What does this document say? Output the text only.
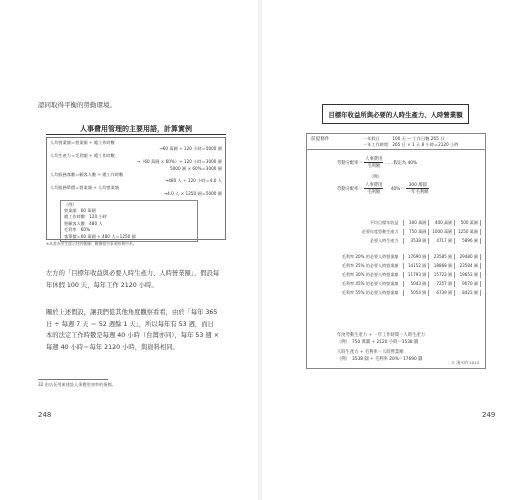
認同取得平衡的勞動環境。
人事費用管理的主要用語，計算實例
人均營業額＝營業額 ÷ 總工作時數
→60 萬圓 ÷ 120 小時＝5000 圓
人均生產力＝毛利額 ÷ 總工作時數
→（60 萬圓 × 60%）÷ 120 小時＝3000 圓
5000 圓 × 60%＝3000 圓
人均服務客數＝顧客人數 ÷ 總工作時數
→480 人 ÷ 120 小時＝4.0 人
人均服務單價＝營業額 ÷ 人均營業額
→4.0 人 × 1250 圓＝5000 圓
（例）
營業額　60 萬圓
總工作時數　120 小時
營顧客人數　480 人
毛利率　60%
客單價＝60 萬圓 ÷ 480 人＝1250 圓
※本書為學生提示性的數據：數據報告事業經典中本。
左方的「目標年收益與必要人時生產力、人時營業額」，假設每年休假 100 天，每年工作 2120 小時。
關於上述假設，讓我們從其他角度觀察看看，由於「每年 365 日 ÷ 每週 7 天 ＝ 52 週餘 1 天」，所以每年有 53 週，而日本的法定工作時數是每週 40 小時（台灣亦同），每年 53 週 × 每週 40 小時＝每年 2120 小時，與資料相同。
32 由店長用來建設人事費用效率的指標。
248
目標年收益所與必要的人時生產力、人時營業額
前提條件	一年假日　　　100 天 ― 工作日數 265 日
一年工作時間　265 日 × 1 天 8 小時＝2120 小時
勞動分配率＝ $\frac{\text{人事費用}}{\text{毛利額}}$ ……假定為 40%
（例）
勞動分配率＝ $\frac{\text{人事費用}}{\text{毛利額}} 40\%= \frac{\text{300 萬圓}}{\text{一年毛利額}}$
平均目標年收益	300 萬圓	400 萬圓	500 萬圓
必要年度勞動生產力	750 萬圓	1000 萬圓	1250 萬圓
必要人時生產力	3538 圓	4717 圓	5896 圓
毛利率 20% 的必要人時營業額	17690 圓	23585 圓	29480 圓
毛利率 25% 的必要人時營業額	14152 圓	18868 圓	23584 圓
毛利率 30% 的必要人時營業額	11793 圓	15723 圓	19653 圓
毛利率 45% 的必要人時營業額	5043 圓	7257 圓	9070 圓
毛利率 55% 的必要人時營業額	5054 圓	6739 圓	8423 圓
年度勞動生產力 ÷ 一年工作時間＝人時生產力
（例）　750 萬圓 ÷ 2120 小時＝3538 圓
人時生產力 ÷ 毛利率＝人時營業額
（例）　3538 圓 ÷ 毛利率 20%＝17690 圓
© 淺水的 2014
249
